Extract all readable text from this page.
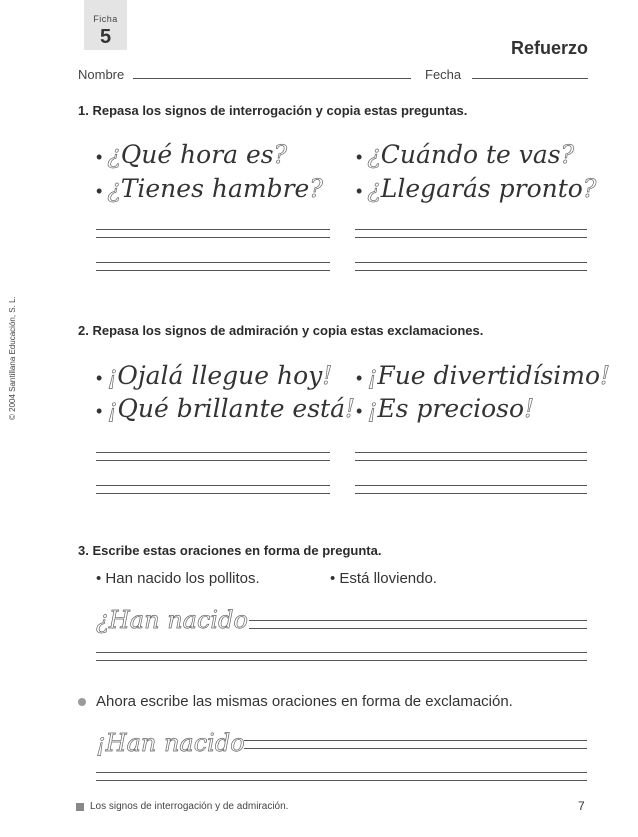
Ficha
5	Refuerzo
Nombre	Fecha
© 2004 Santillana Educación, S. L.
1. Repasa los signos de interrogación y copia estas preguntas.
• ¿Qué hora es?
• ¿Tienes hambre?
• ¿Cuándo te vas?
• ¿Llegarás pronto?
2. Repasa los signos de admiración y copia estas exclamaciones.
• ¡Ojalá llegue hoy!
• ¡Qué brillante está!
• ¡Fue divertidísimo!
• ¡Es precioso!
3. Escribe estas oraciones en forma de pregunta.
• Han nacido los pollitos.	• Está lloviendo.
¿Han nacido
Ahora escribe las mismas oraciones en forma de exclamación.
¡Han nacido
Los signos de interrogación y de admiración.	7
